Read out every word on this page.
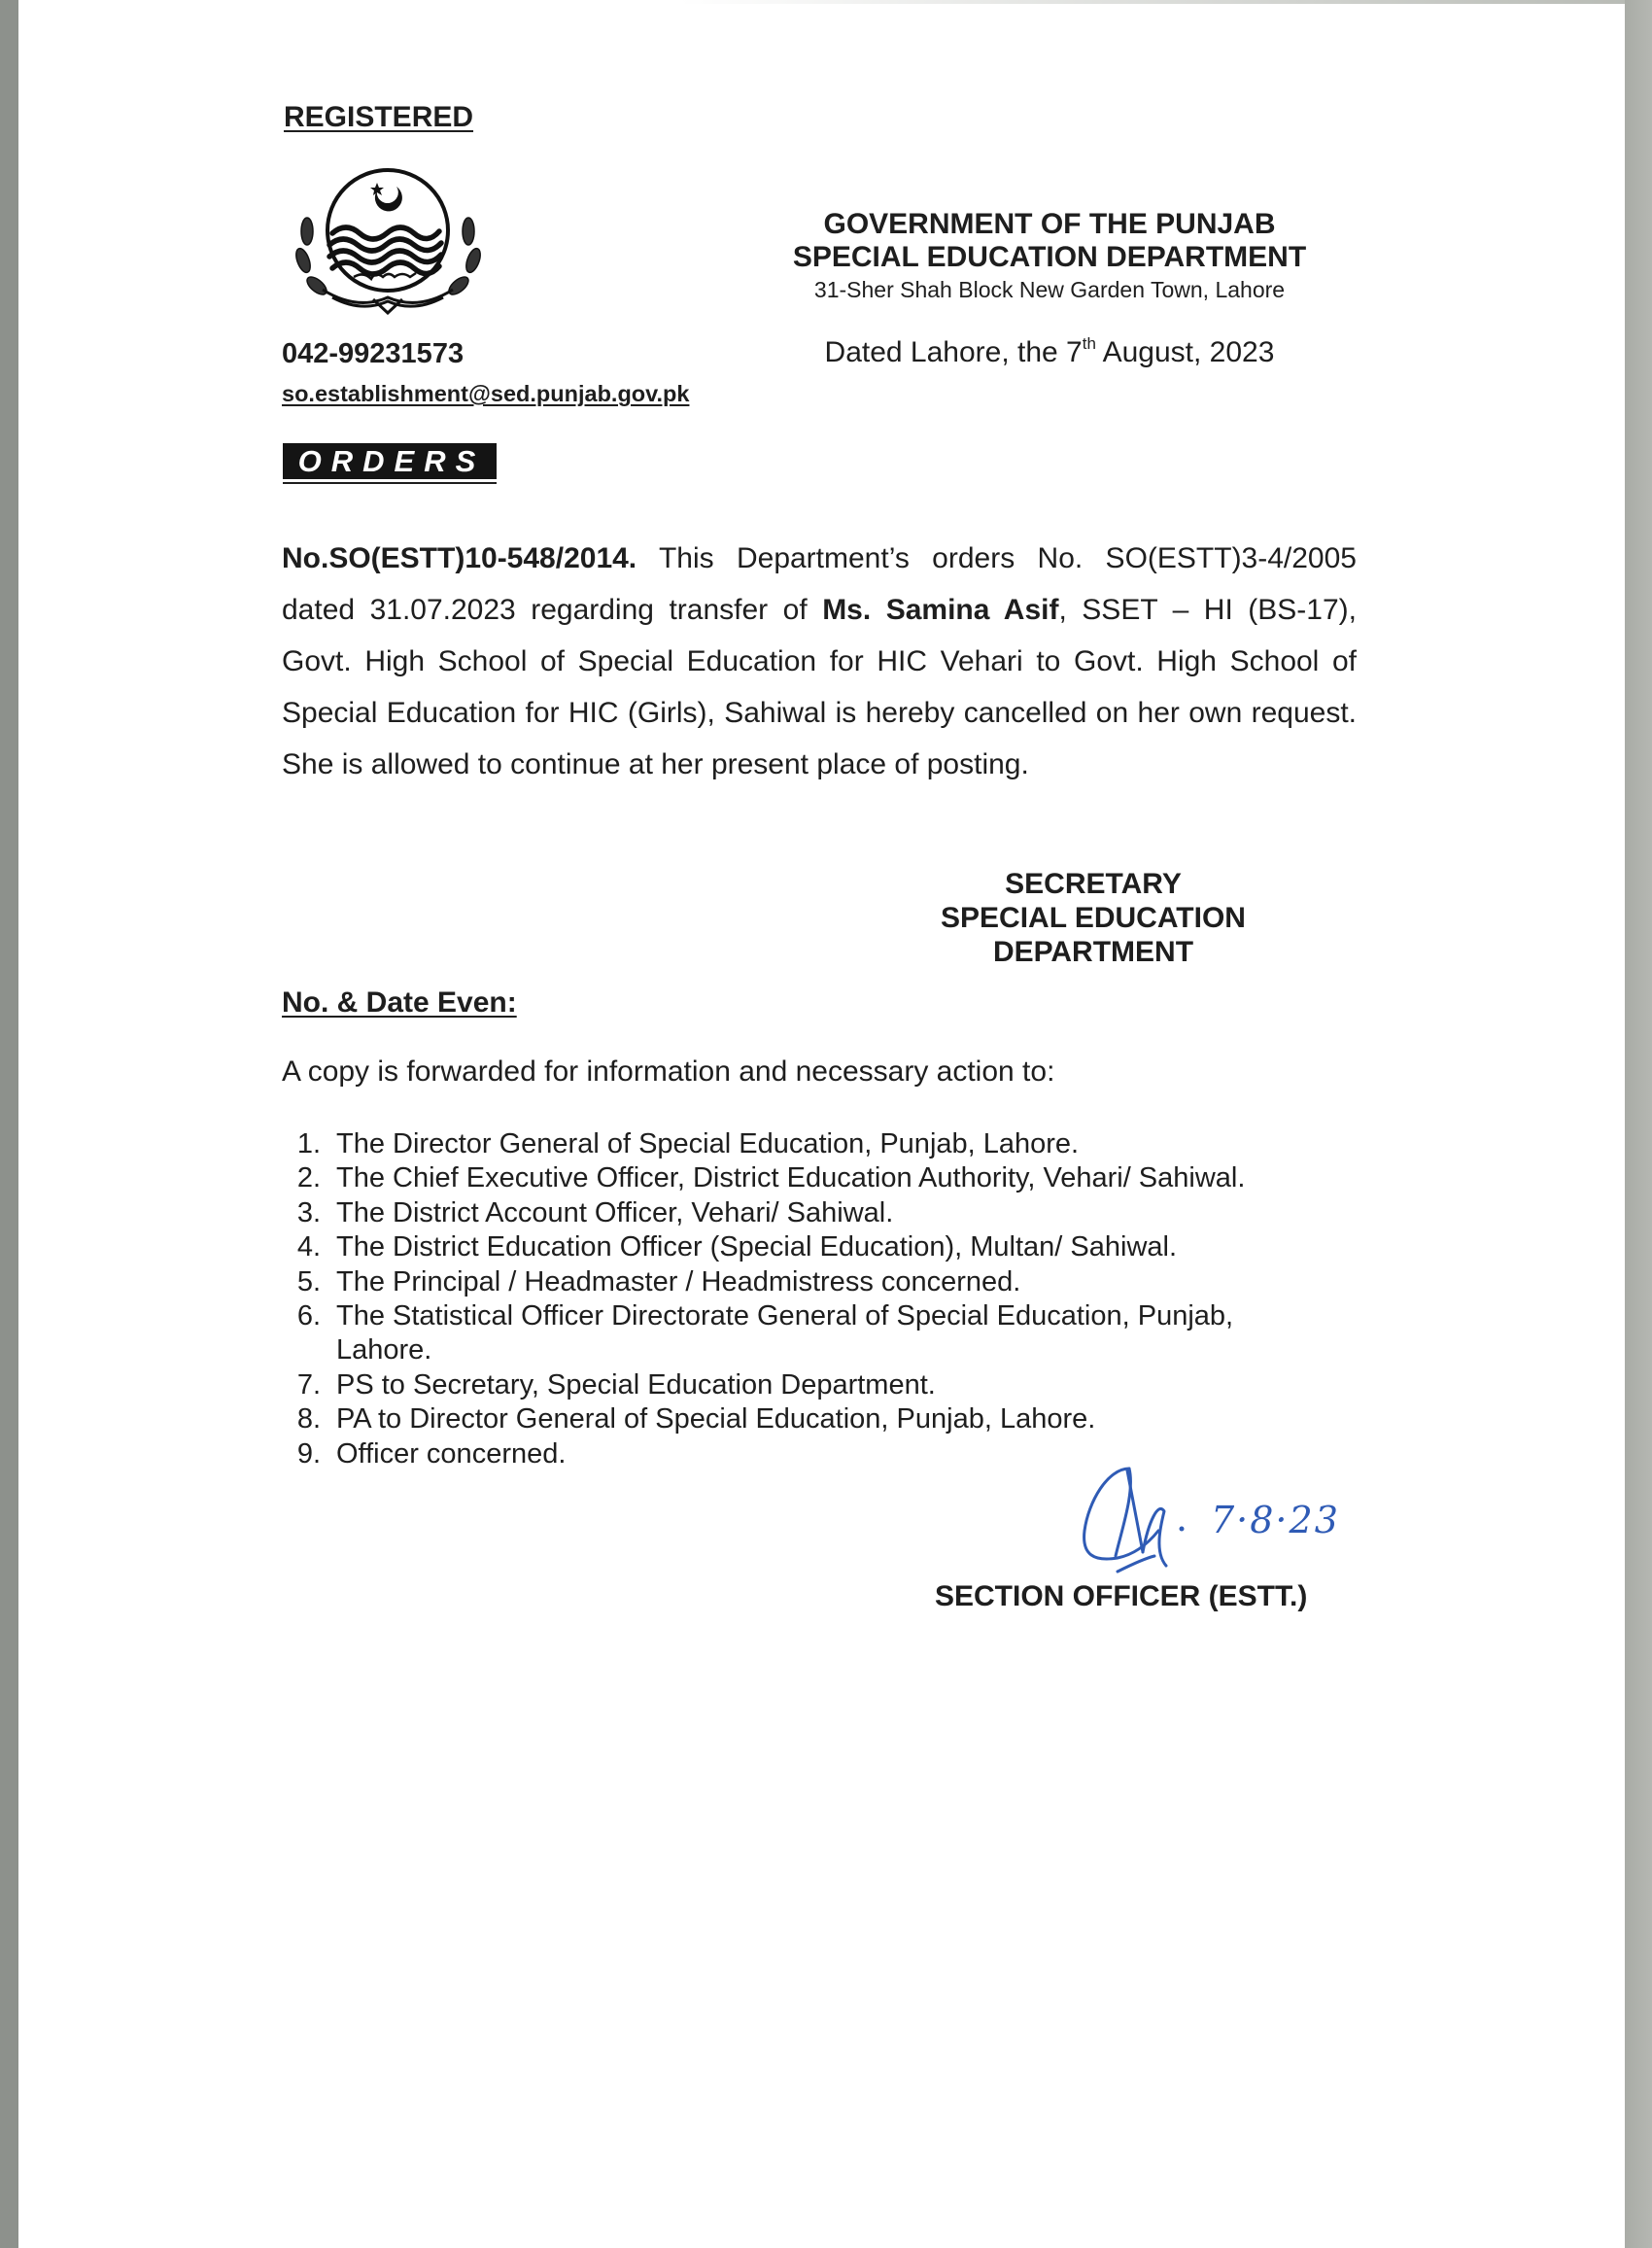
REGISTERED
GOVERNMENT OF THE PUNJAB
SPECIAL EDUCATION DEPARTMENT
31-Sher Shah Block New Garden Town, Lahore
042-99231573
so.establishment@sed.punjab.gov.pk
Dated Lahore, the 7th August, 2023
ORDERS
No.SO(ESTT)10-548/2014. This Department’s orders No. SO(ESTT)3-4/2005 dated 31.07.2023 regarding transfer of Ms. Samina Asif, SSET – HI (BS-17), Govt. High School of Special Education for HIC Vehari to Govt. High School of Special Education for HIC (Girls), Sahiwal is hereby cancelled on her own request. She is allowed to continue at her present place of posting.
SECRETARY
SPECIAL EDUCATION
DEPARTMENT
No. & Date Even:
A copy is forwarded for information and necessary action to:
1. The Director General of Special Education, Punjab, Lahore.
2. The Chief Executive Officer, District Education Authority, Vehari/ Sahiwal.
3. The District Account Officer, Vehari/ Sahiwal.
4. The District Education Officer (Special Education), Multan/ Sahiwal.
5. The Principal / Headmaster / Headmistress concerned.
6. The Statistical Officer Directorate General of Special Education, Punjab, Lahore.
7. PS to Secretary, Special Education Department.
8. PA to Director General of Special Education, Punjab, Lahore.
9. Officer concerned.
7·8·23
SECTION OFFICER (ESTT.)
